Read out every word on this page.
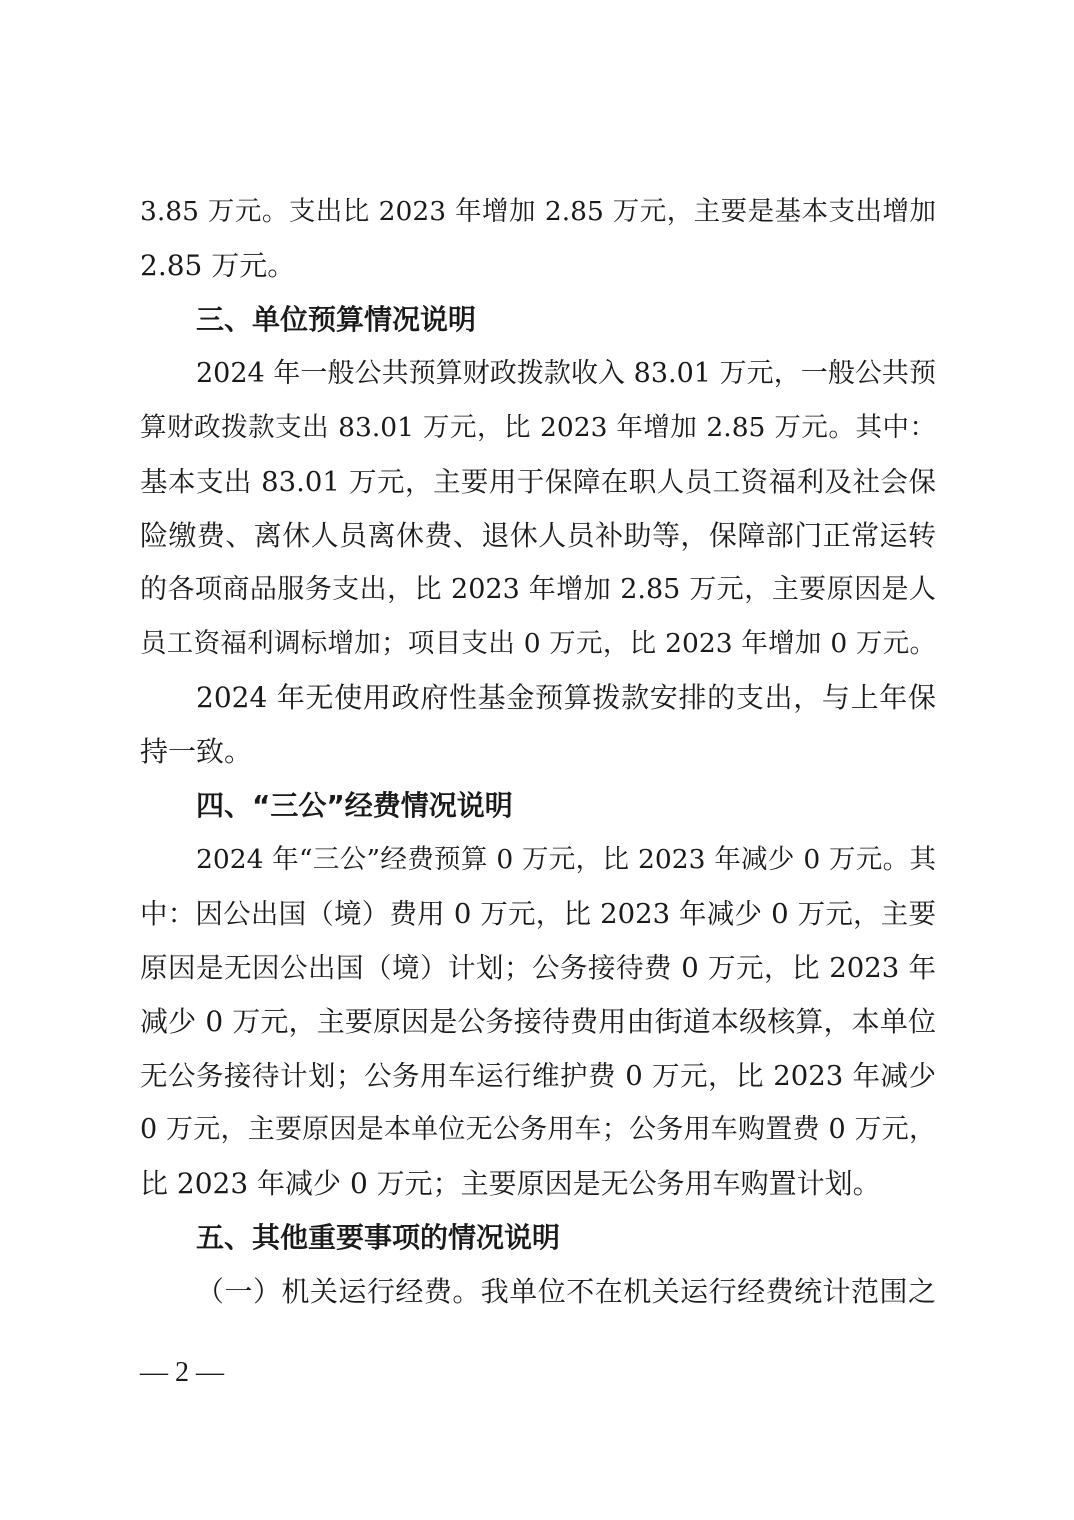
3.85 万元。支出比 2023 年增加 2.85 万元，主要是基本支出增加
2.85 万元。
三、单位预算情况说明
2024 年一般公共预算财政拨款收入 83.01 万元，一般公共预
算财政拨款支出 83.01 万元，比 2023 年增加 2.85 万元。其中：
基本支出 83.01 万元，主要用于保障在职人员工资福利及社会保
险缴费、离休人员离休费、退休人员补助等，保障部门正常运转
的各项商品服务支出，比 2023 年增加 2.85 万元，主要原因是人
员工资福利调标增加；项目支出 0 万元，比 2023 年增加 0 万元。
2024 年无使用政府性基金预算拨款安排的支出，与上年保
持一致。
四、“三公”经费情况说明
2024 年“三公”经费预算 0 万元，比 2023 年减少 0 万元。其
中：因公出国（境）费用 0 万元，比 2023 年减少 0 万元，主要
原因是无因公出国（境）计划；公务接待费 0 万元，比 2023 年
减少 0 万元，主要原因是公务接待费用由街道本级核算，本单位
无公务接待计划；公务用车运行维护费 0 万元，比 2023 年减少
0 万元，主要原因是本单位无公务用车；公务用车购置费 0 万元，
比 2023 年减少 0 万元；主要原因是无公务用车购置计划。
五、其他重要事项的情况说明
（一）机关运行经费。我单位不在机关运行经费统计范围之
— 2 —
